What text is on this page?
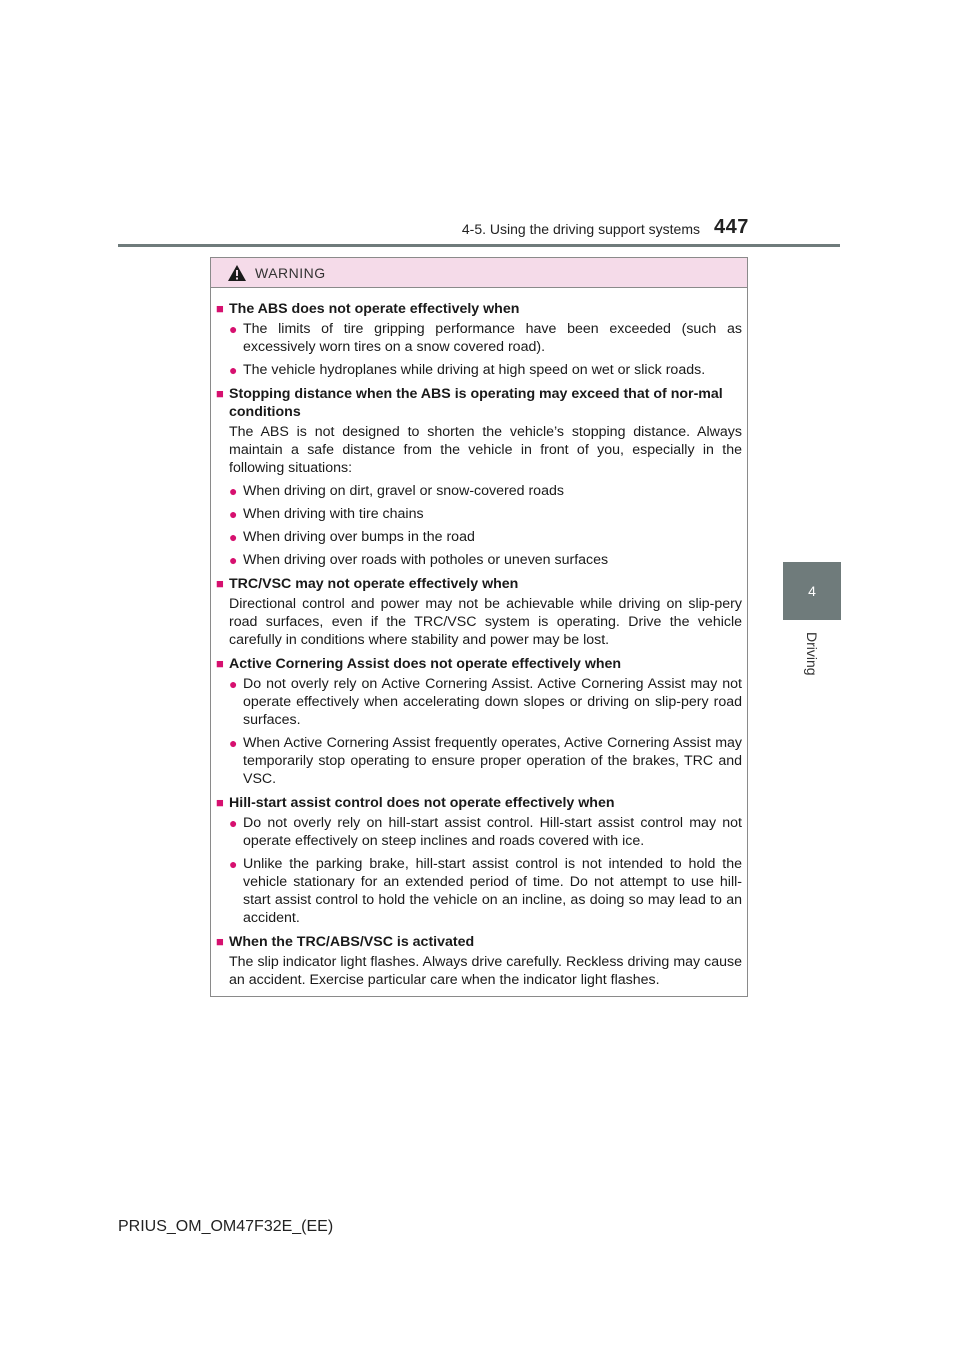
4-5. Using the driving support systems 447
4
Driving
WARNING
■ The ABS does not operate effectively when
● The limits of tire gripping performance have been exceeded (such as excessively worn tires on a snow covered road).
● The vehicle hydroplanes while driving at high speed on wet or slick roads.
■ Stopping distance when the ABS is operating may exceed that of nor-mal conditions
The ABS is not designed to shorten the vehicle’s stopping distance. Always maintain a safe distance from the vehicle in front of you, especially in the following situations:
● When driving on dirt, gravel or snow-covered roads
● When driving with tire chains
● When driving over bumps in the road
● When driving over roads with potholes or uneven surfaces
■ TRC/VSC may not operate effectively when
Directional control and power may not be achievable while driving on slip-pery road surfaces, even if the TRC/VSC system is operating. Drive the vehicle carefully in conditions where stability and power may be lost.
■ Active Cornering Assist does not operate effectively when
● Do not overly rely on Active Cornering Assist. Active Cornering Assist may not operate effectively when accelerating down slopes or driving on slip-pery road surfaces.
● When Active Cornering Assist frequently operates, Active Cornering Assist may temporarily stop operating to ensure proper operation of the brakes, TRC and VSC.
■ Hill-start assist control does not operate effectively when
● Do not overly rely on hill-start assist control. Hill-start assist control may not operate effectively on steep inclines and roads covered with ice.
● Unlike the parking brake, hill-start assist control is not intended to hold the vehicle stationary for an extended period of time. Do not attempt to use hill-start assist control to hold the vehicle on an incline, as doing so may lead to an accident.
■ When the TRC/ABS/VSC is activated
The slip indicator light flashes. Always drive carefully. Reckless driving may cause an accident. Exercise particular care when the indicator light flashes.
PRIUS_OM_OM47F32E_(EE)
